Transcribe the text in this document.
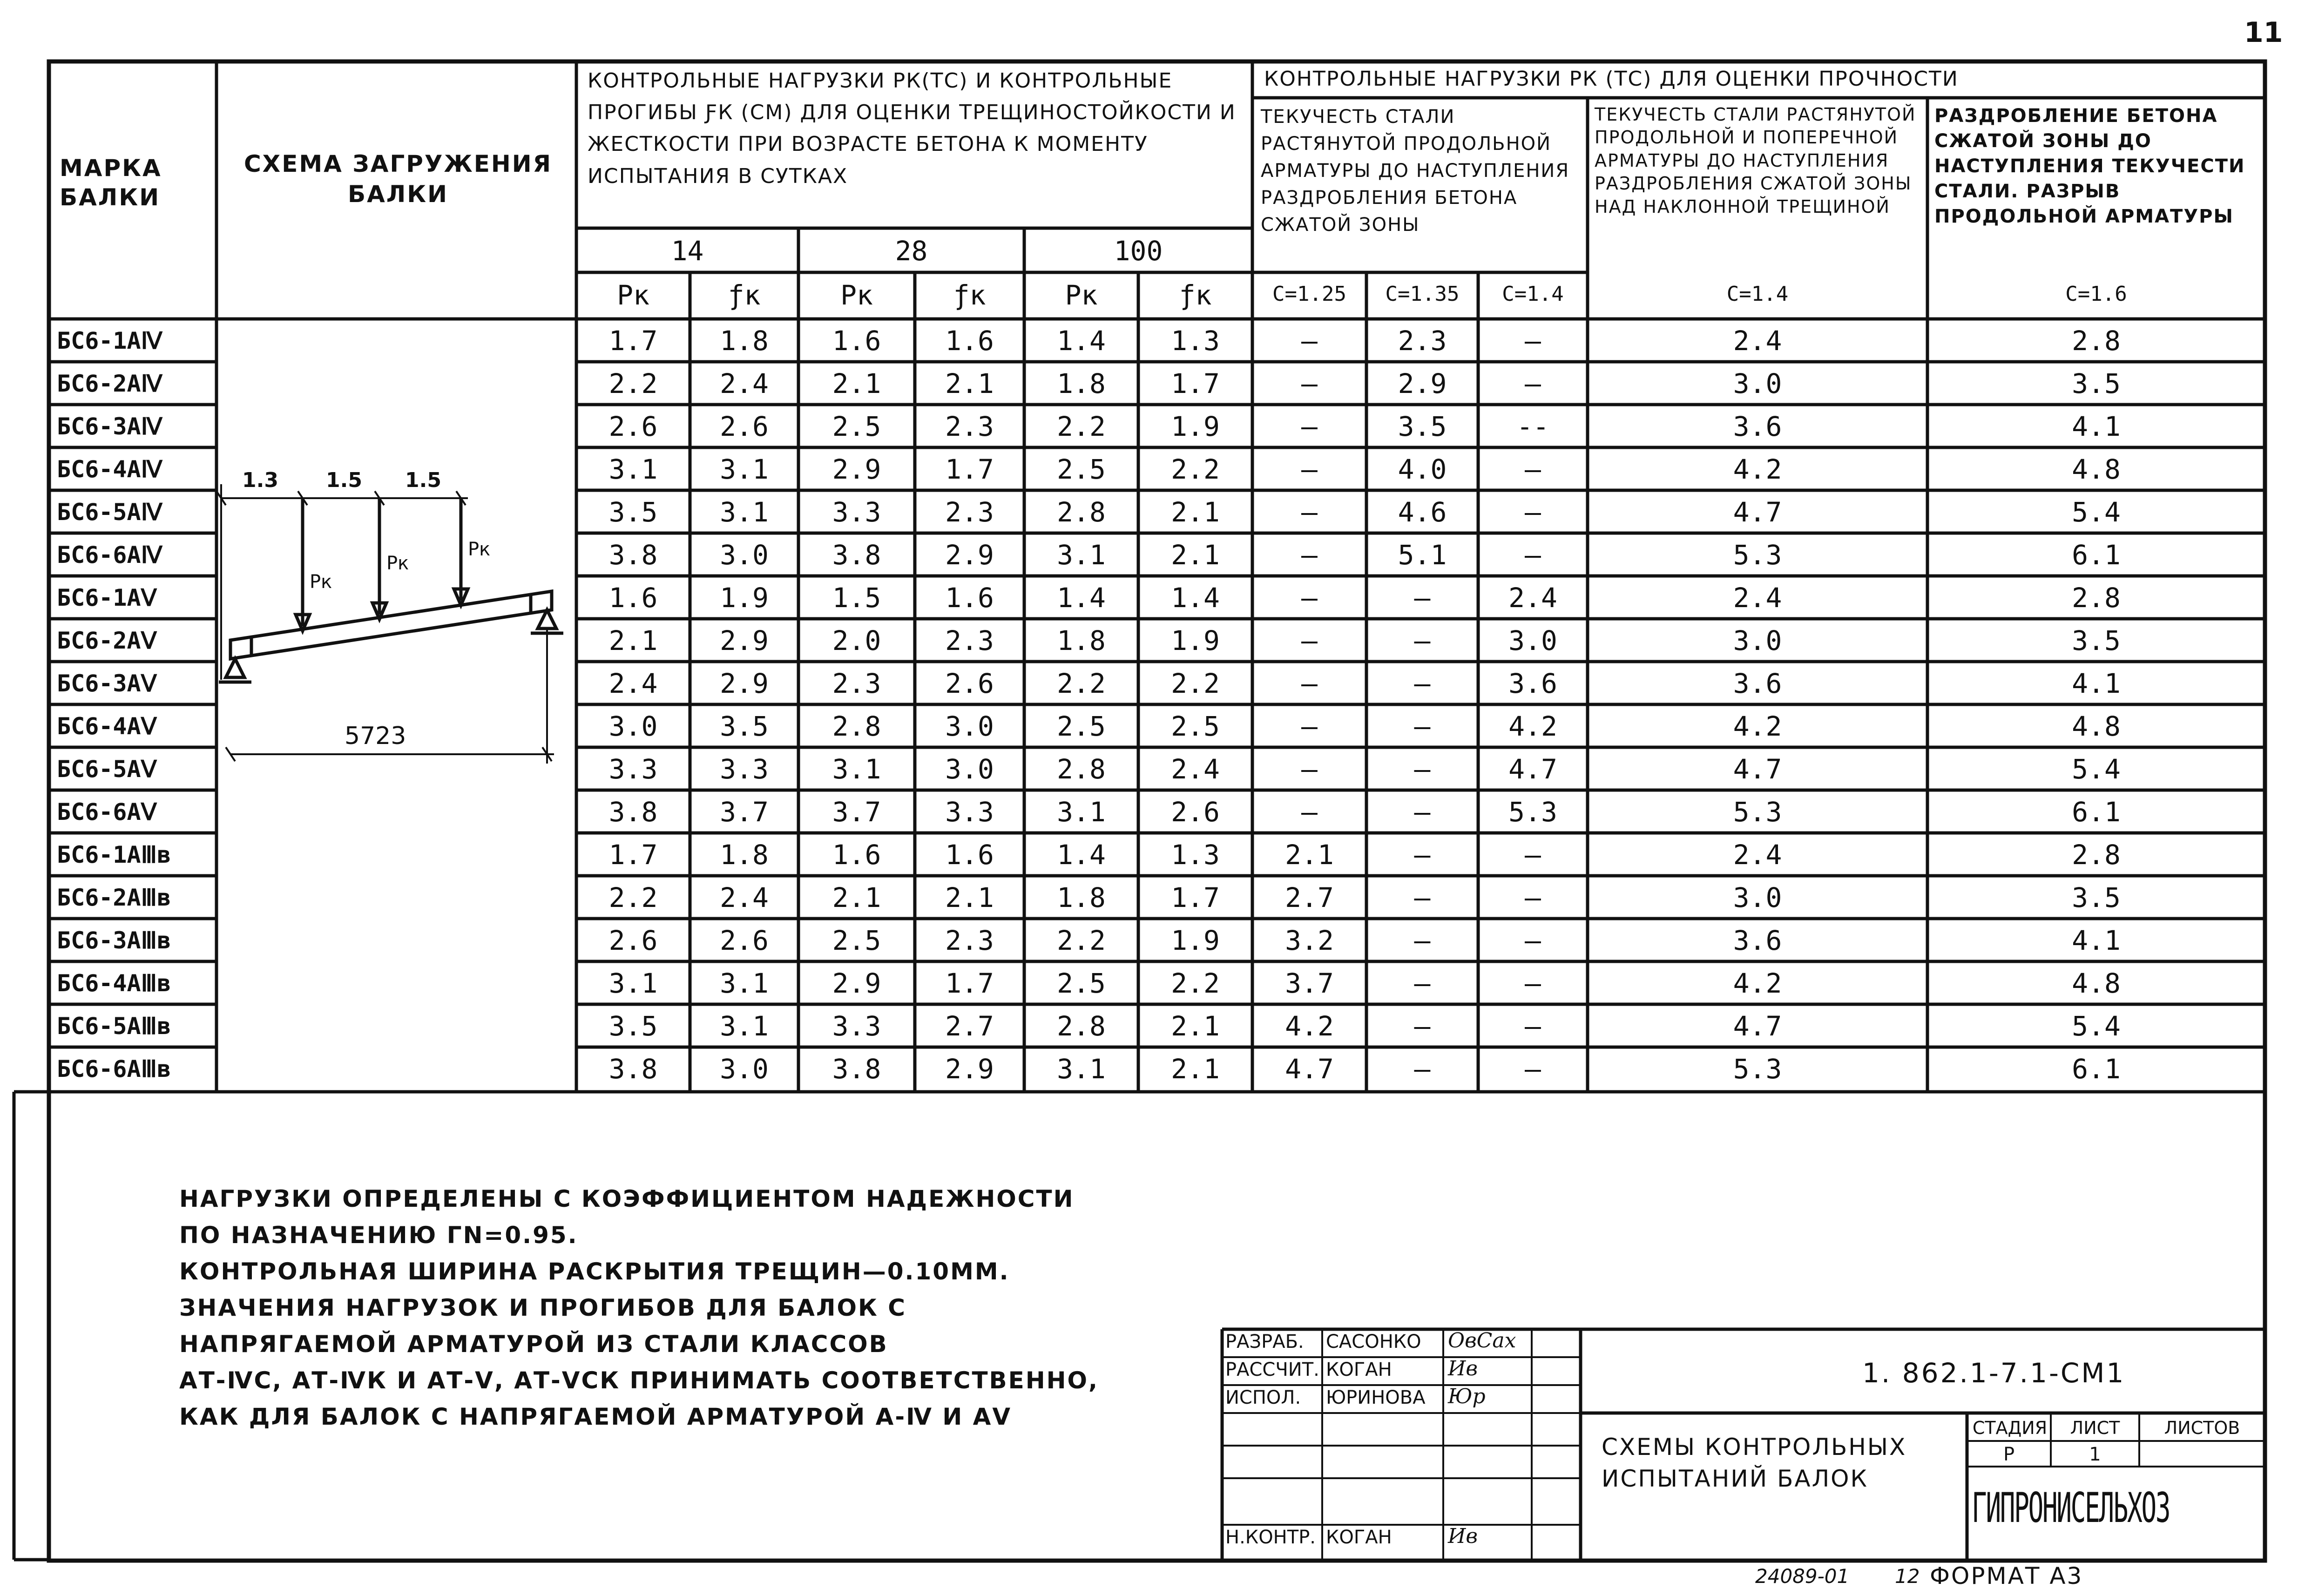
11
МАРКА БАЛКИ
СХЕМА ЗАГРУЖЕНИЯ БАЛКИ
КОНТРОЛЬНЫЕ НАГРУЗКИ РК(ТС) И КОНТРОЛЬНЫЕ ПРОГИБЫ ƑК (СМ) ДЛЯ ОЦЕНКИ ТРЕЩИНОСТОЙКОСТИ И ЖЕСТКОСТИ ПРИ ВОЗРАСТЕ БЕТОНА К МОМЕНТУ ИСПЫТАНИЯ В СУТКАХ
КОНТРОЛЬНЫЕ НАГРУЗКИ РК (ТС) ДЛЯ ОЦЕНКИ ПРОЧНОСТИ
ТЕКУЧЕСТЬ СТАЛИ РАСТЯНУТОЙ ПРОДОЛЬНОЙ АРМАТУРЫ ДО НАСТУПЛЕНИЯ РАЗДРОБЛЕНИЯ БЕТОНА СЖАТОЙ ЗОНЫ
ТЕКУЧЕСТЬ СТАЛИ РАСТЯНУТОЙ ПРОДОЛЬНОЙ И ПОПЕРЕЧНОЙ АРМАТУРЫ ДО НАСТУПЛЕНИЯ РАЗДРОБЛЕНИЯ СЖАТОЙ ЗОНЫ НАД НАКЛОННОЙ ТРЕЩИНОЙ
РАЗДРОБЛЕНИЕ БЕТОНА СЖАТОЙ ЗОНЫ ДО НАСТУПЛЕНИЯ ТЕКУЧЕСТИ СТАЛИ. РАЗРЫВ ПРОДОЛЬНОЙ АРМАТУРЫ
14	28	100
Рк	ƒк	Рк	ƒк	Рк	ƒк	С=1.25	С=1.35	С=1.4	С=1.4	С=1.6
1.3 1.5 1.5
Рк
Рк
Рк
5723
БС6-1АⅣ	1.7	1.8	1.6	1.6	1.4	1.3	—	2.3	—	2.4	2.8
БС6-2АⅣ	2.2	2.4	2.1	2.1	1.8	1.7	—	2.9	—	3.0	3.5
БС6-3АⅣ	2.6	2.6	2.5	2.3	2.2	1.9	—	3.5	--	3.6	4.1
БС6-4АⅣ	3.1	3.1	2.9	1.7	2.5	2.2	—	4.0	—	4.2	4.8
БС6-5АⅣ	3.5	3.1	3.3	2.3	2.8	2.1	—	4.6	—	4.7	5.4
БС6-6АⅣ	3.8	3.0	3.8	2.9	3.1	2.1	—	5.1	—	5.3	6.1
БС6-1АⅤ	1.6	1.9	1.5	1.6	1.4	1.4	—	—	2.4	2.4	2.8
БС6-2АⅤ	2.1	2.9	2.0	2.3	1.8	1.9	—	—	3.0	3.0	3.5
БС6-3АⅤ	2.4	2.9	2.3	2.6	2.2	2.2	—	—	3.6	3.6	4.1
БС6-4АⅤ	3.0	3.5	2.8	3.0	2.5	2.5	—	—	4.2	4.2	4.8
БС6-5АⅤ	3.3	3.3	3.1	3.0	2.8	2.4	—	—	4.7	4.7	5.4
БС6-6АⅤ	3.8	3.7	3.7	3.3	3.1	2.6	—	—	5.3	5.3	6.1
БС6-1АⅢв	1.7	1.8	1.6	1.6	1.4	1.3	2.1	—	—	2.4	2.8
БС6-2АⅢв	2.2	2.4	2.1	2.1	1.8	1.7	2.7	—	—	3.0	3.5
БС6-3АⅢв	2.6	2.6	2.5	2.3	2.2	1.9	3.2	—	—	3.6	4.1
БС6-4АⅢв	3.1	3.1	2.9	1.7	2.5	2.2	3.7	—	—	4.2	4.8
БС6-5АⅢв	3.5	3.1	3.3	2.7	2.8	2.1	4.2	—	—	4.7	5.4
БС6-6АⅢв	3.8	3.0	3.8	2.9	3.1	2.1	4.7	—	—	5.3	6.1
НАГРУЗКИ ОПРЕДЕЛЕНЫ С КОЭФФИЦИЕНТОМ НАДЕЖНОСТИ
ПО НАЗНАЧЕНИЮ ΓN=0.95.
КОНТРОЛЬНАЯ ШИРИНА РАСКРЫТИЯ ТРЕЩИН—0.10ММ.
ЗНАЧЕНИЯ НАГРУЗОК И ПРОГИБОВ ДЛЯ БАЛОК С
НАПРЯГАЕМОЙ АРМАТУРОЙ ИЗ СТАЛИ КЛАССОВ
АТ-ⅣС, АТ-ⅣК И АТ-Ⅴ, АТ-ⅤСК ПРИНИМАТЬ СООТВЕТСТВЕННО,
КАК ДЛЯ БАЛОК С НАПРЯГАЕМОЙ АРМАТУРОЙ А-Ⅳ И АⅤ
РАЗРАБ. САСОНКО ОвСах
РАССЧИТ. КОГАН	Ив
ИСПОЛ. ЮРИНОВА Юр
Н.КОНТР. КОГАН	Ив
1. 862.1-7.1-СМ1
СХЕМЫ КОНТРОЛЬНЫХ ИСПЫТАНИЙ БАЛОК
СТАДИЯ	ЛИСТ	ЛИСТОВ
Р	1
ГИПРОНИСЕЛЬХОЗ
24089-01 12 ФОРМАТ А3
